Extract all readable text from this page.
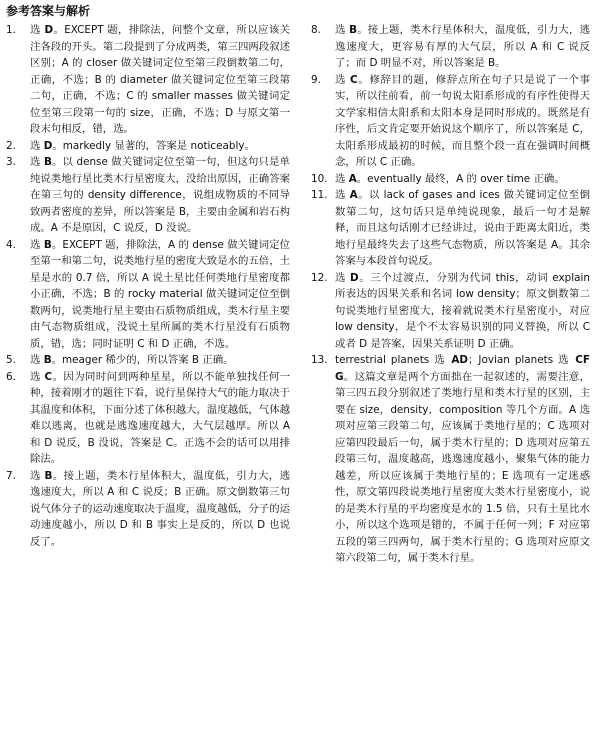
参考答案与解析
1.	选 D。EXCEPT 题，排除法，问整个文章，所以应该关注各段的开头。第二段提到了分成两类，第三四两段叙述区别；A 的 closer 做关键词定位至第三段倒数第二句，正确，不选；B 的 diameter 做关键词定位至第三段第二句，正确，不选；C 的 smaller masses 做关键词定位至第三段第一句的 size，正确，不选；D 与原文第一段末句相反，错，选。
2.	选 D。markedly 显著的，答案是 noticeably。
3.	选 B。以 dense 做关键词定位至第一句，但这句只是单纯说类地行星比类木行星密度大，没给出原因，正确答案在第三句的 density difference，说组成物质的不同导致两者密度的差异，所以答案是 B，主要由金属和岩石构成。A 不是原因，C 说反，D 没说。
4.	选 B。EXCEPT 题，排除法，A 的 dense 做关键词定位至第一和第二句，说类地行星的密度大致是水的五倍，土星是水的 0.7 倍，所以 A 说土星比任何类地行星密度都小正确，不选；B 的 rocky material 做关键词定位至倒数两句，说类地行星主要由石质物质组成，类木行星主要由气态物质组成，没说土星所属的类木行星没有石质物质，错，选；同时证明 C 和 D 正确，不选。
5.	选 B。meager 稀少的，所以答案 B 正确。
6.	选 C。因为同时问到两种星星，所以不能单独找任何一种，接着刚才的题往下看，说行星保持大气的能力取决于其温度和体积，下面分述了体积越大，温度越低，气体越难以逃离，也就是逃逸速度越大，大气层越厚。所以 A 和 D 说反，B 没说，答案是 C。正选不会的话可以用排除法。
7.	选 B。接上题，类木行星体积大，温度低，引力大，逃逸速度大，所以 A 和 C 说反；B 正确。原文倒数第三句说气体分子的运动速度取决于温度，温度越低，分子的运动速度越小，所以 D 和 B 事实上是反的，所以 D 也说反了。
8.	选 B。接上题，类木行星体积大，温度低，引力大，逃逸速度大，更容易有厚的大气层，所以 A 和 C 说反了；而 D 明显不对，所以答案是 B。
9.	选 C。修辞目的题，修辞点所在句子只是说了一个事实，所以往前看，前一句说太阳系形成的有序性使得天文学家相信太阳系和太阳本身是同时形成的。既然是有序性，后文肯定要开始说这个顺序了，所以答案是 C，太阳系形成最初的时候，而且整个段一直在强调时间概念，所以 C 正确。
10. 选 A。eventually 最终，A 的 over time 正确。
11. 选 A。以 lack of gases and ices 做关键词定位至倒数第二句，这句话只是单纯说现象，最后一句才是解释，而且这句话刚才已经讲过，说由于距离太阳近，类地行星最终失去了这些气态物质，所以答案是 A。其余答案与本段首句说反。
12. 选 D。三个过渡点，分别为代词 this，动词 explain 所表达的因果关系和名词 low density；原文倒数第二句说类地行星密度大，接着就说类木行星密度小，对应 low density，是个不太容易识别的同义替换，所以 C 或者 D 是答案，因果关系证明 D 正确。
13. terrestrial planets 选 AD；Jovian planets 选 CFG。这篇文章是两个方面拙在一起叙述的，需要注意，第三四五段分别叙述了类地行星和类木行星的区别，主要在 size，density，composition 等几个方面。A 选项对应第三段第二句，应该属于类地行星的；C 选项对应第四段最后一句，属于类木行星的；D 选项对应第五段第三句，温度越高，逃逸速度越小，聚集气体的能力越差，所以应该属于类地行星的；E 选项有一定迷惑性，原文第四段说类地行星密度大类木行星密度小，说的是类木行星的平均密度是水的 1.5 倍，只有土星比水小，所以这个选项是错的，不属于任何一列；F 对应第五段的第三四两句，属于类木行星的；G 选项对应原文第六段第二句，属于类木行星。
